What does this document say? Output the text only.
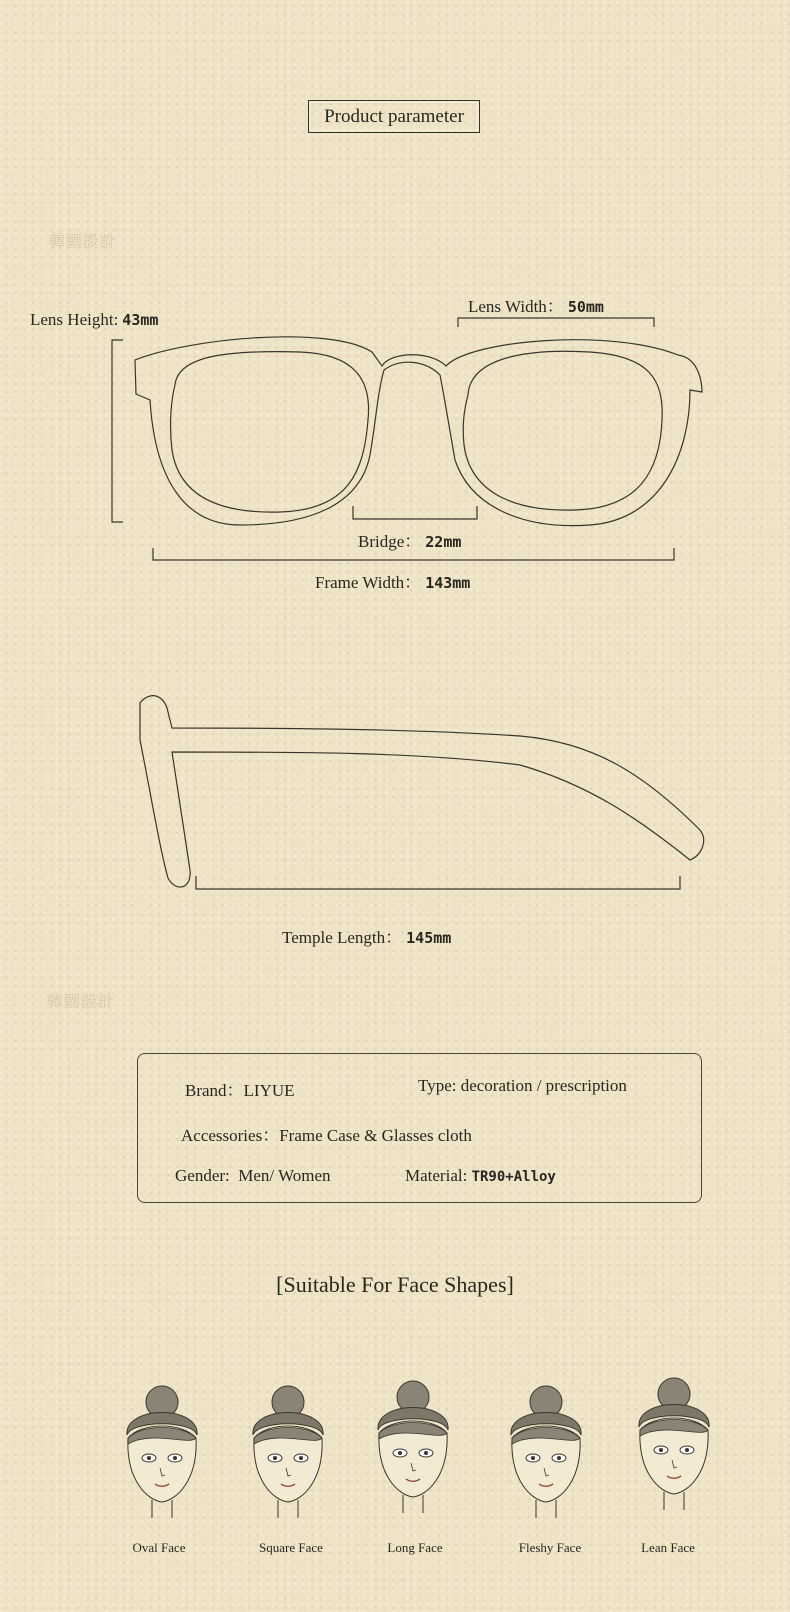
Product parameter
韓國設計
韓國設計
Lens Height: 43mm
Lens Width： 50mm
Bridge： 22mm
Frame Width： 143mm
Temple Length： 145mm
Brand：LIYUE	Type: decoration / prescription
Accessories：Frame Case & Glasses cloth
Gender: Men/ Women	Material: TR90+Alloy
[Suitable For Face Shapes]
Oval Face	Square Face	Long Face	Fleshy Face	Lean Face
